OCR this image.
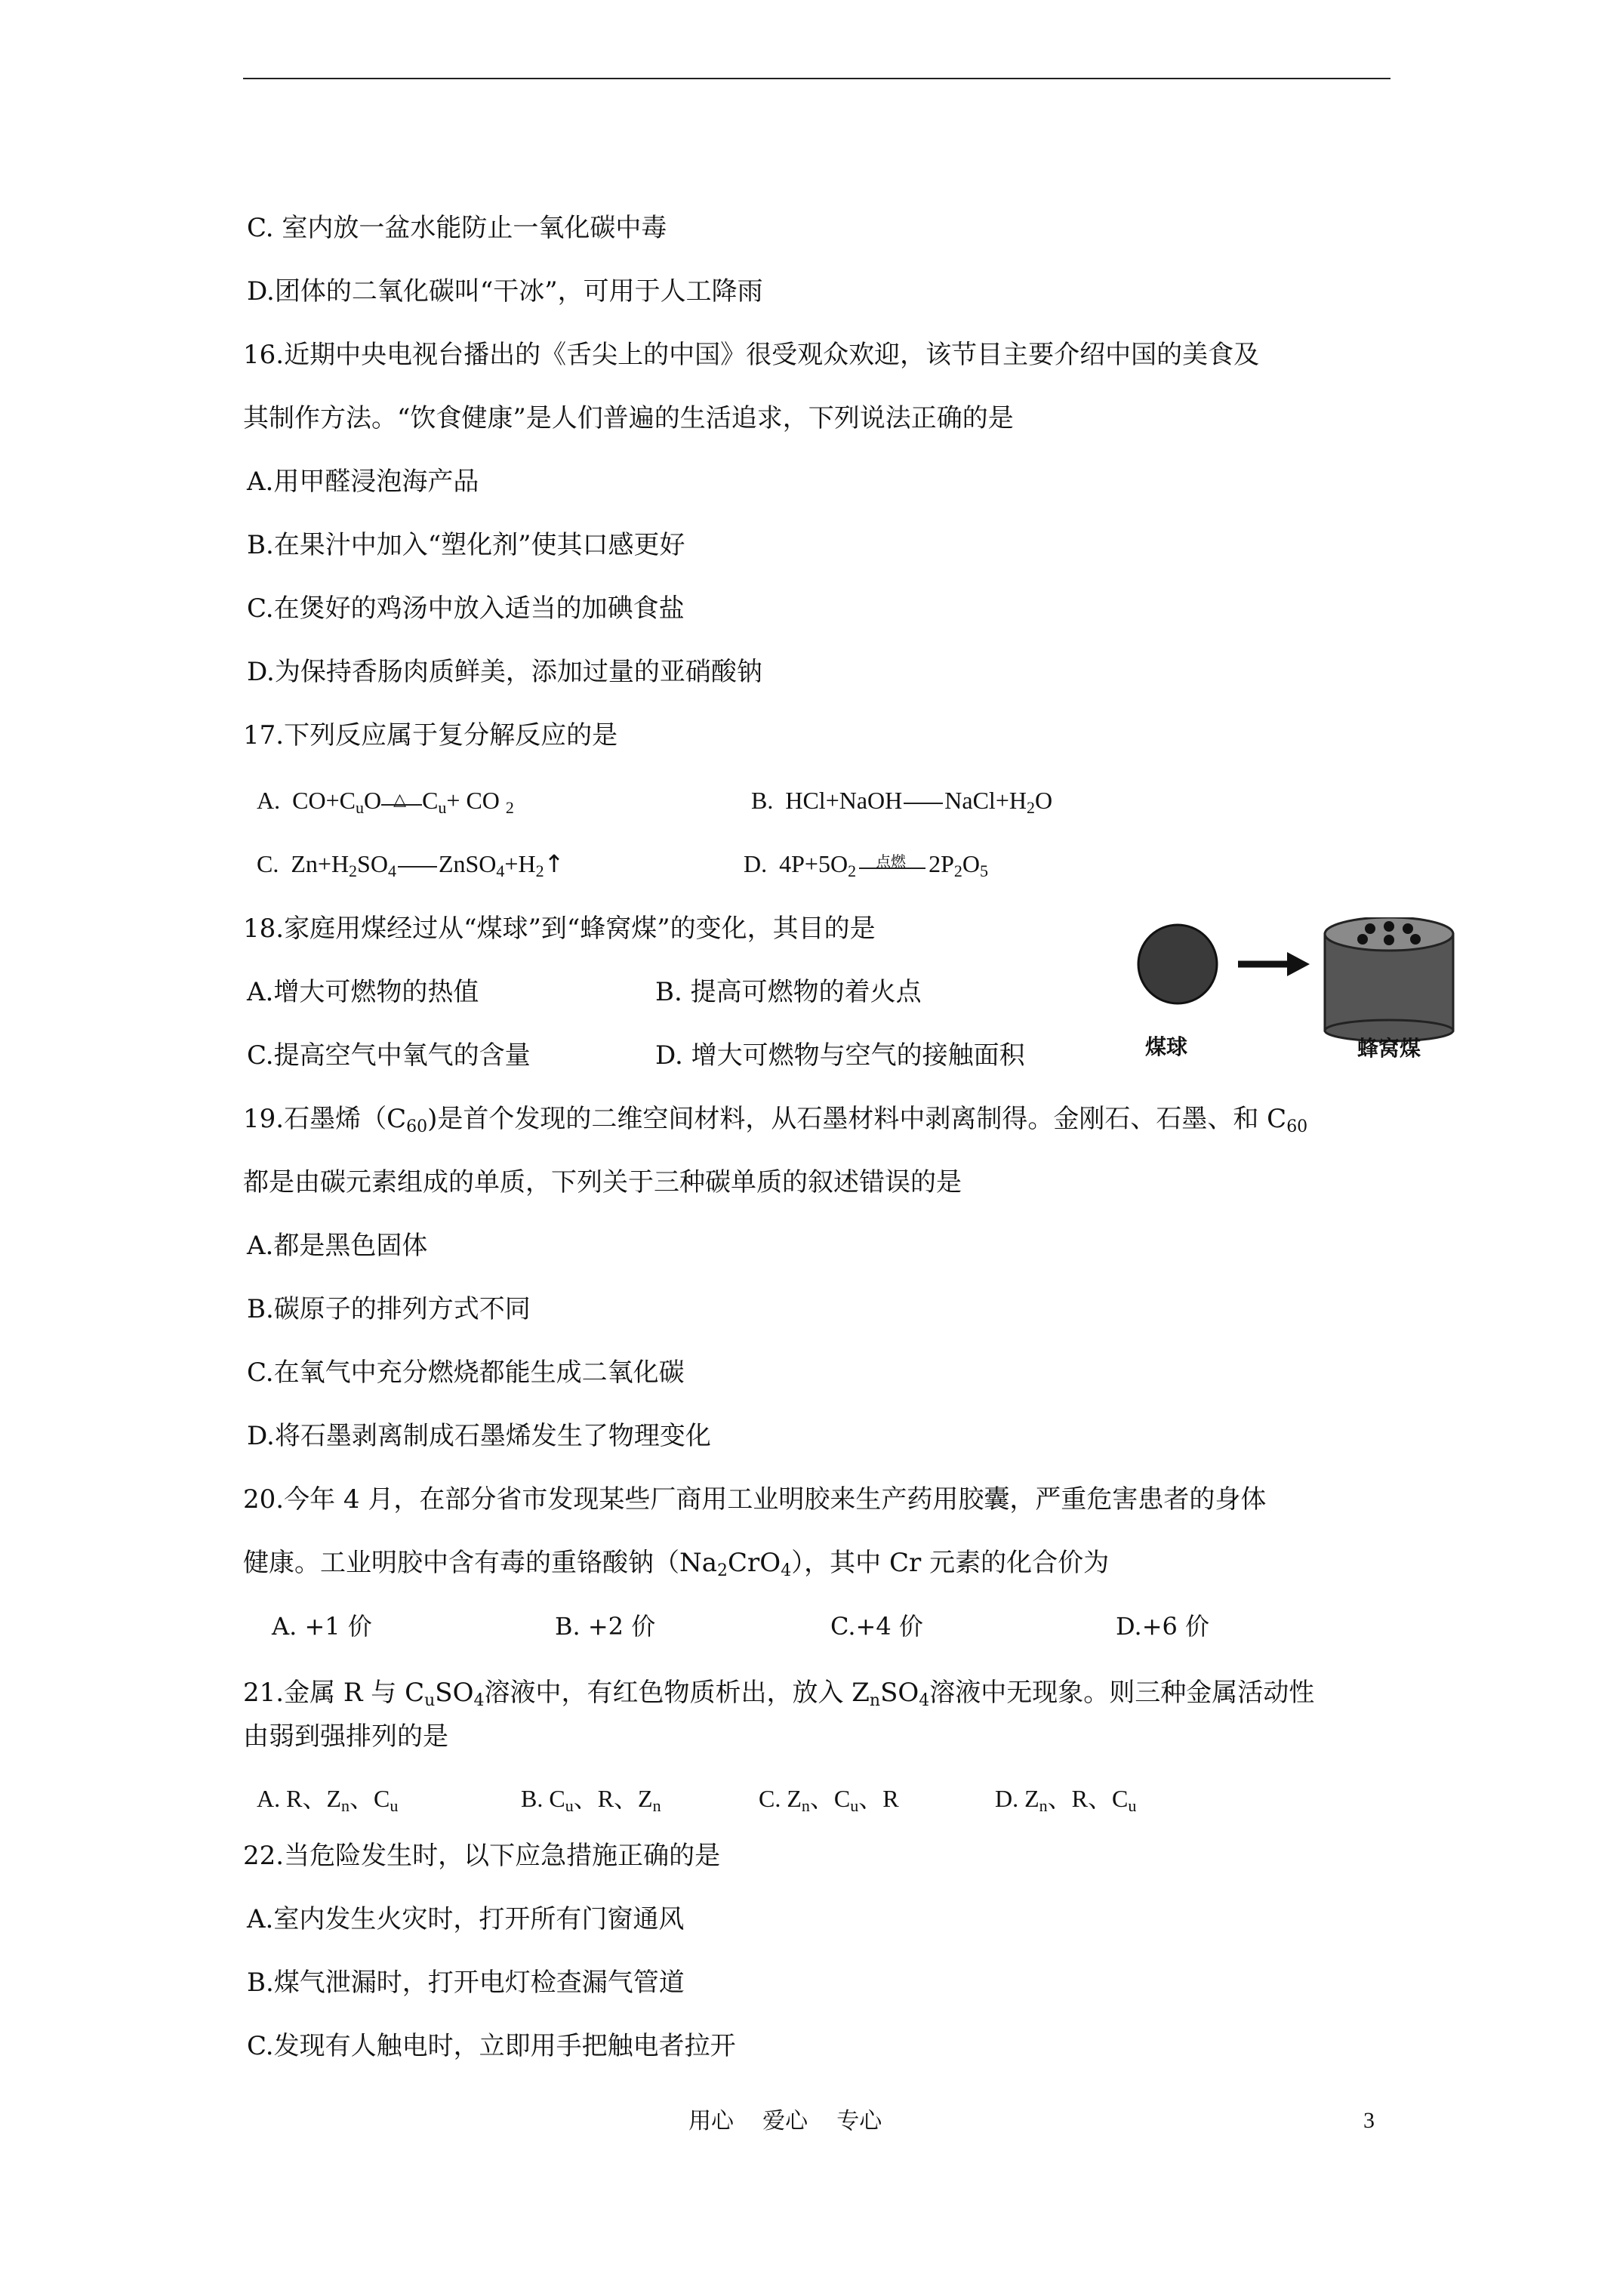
C. 室内放一盆水能防止一氧化碳中毒
D.团体的二氧化碳叫“干冰”，可用于人工降雨
16.近期中央电视台播出的《舌尖上的中国》很受观众欢迎，该节目主要介绍中国的美食及
其制作方法。“饮食健康”是人们普遍的生活追求，下列说法正确的是
A.用甲醛浸泡海产品
B.在果汁中加入“塑化剂”使其口感更好
C.在煲好的鸡汤中放入适当的加碘食盐
D.为保持香肠肉质鲜美，添加过量的亚硝酸钠
17.下列反应属于复分解反应的是
A. $CO+C_uO$ △ $C_u+$ CO $_2$	B. HCl+NaOH $NaCl+H_2O$
C. $Zn+H_2SO_4$ $ZnSO_4+H_2↑$	D. $4P+5O_2$
点燃 $2P_2O_5$
18.家庭用煤经过从“煤球”到“蜂窝煤”的变化，其目的是
A.增大可燃物的热值	B. 提高可燃物的着火点
C.提高空气中氧气的含量	D. 增大可燃物与空气的接触面积	煤球	蜂窝煤
19.石墨烯$(C_{60})$是首个发现的二维空间材料，从石墨材料中剥离制得。金刚石、石墨、和 $C_{60}$
都是由碳元素组成的单质，下列关于三种碳单质的叙述错误的是
A.都是黑色固体
B.碳原子的排列方式不同
C.在氧气中充分燃烧都能生成二氧化碳
D.将石墨剥离制成石墨烯发生了物理变化
20.今年 4 月，在部分省市发现某些厂商用工业明胶来生产药用胶囊，严重危害患者的身体
健康。工业明胶中含有毒的重铬酸钠$(Na_2CrO_4)$，其中 Cr 元素的化合价为
A. +1 价	B. +2 价	C.+4 价	D.+6 价
21.金属 R 与 $C_uSO_4$溶液中，有红色物质析出，放入 $Z_nSO_4$溶液中无现象。则三种金属活动性
由弱到强排列的是
A. R、$Z_n$、$C_u$	B. $C_u$、R、$Z_n$	C. $Z_n$、$C_u$、R	D. $Z_n$、R、$C_u$
22.当危险发生时，以下应急措施正确的是
A.室内发生火灾时，打开所有门窗通风
B.煤气泄漏时，打开电灯检查漏气管道
C.发现有人触电时，立即用手把触电者拉开
用心    爱心    专心	3
